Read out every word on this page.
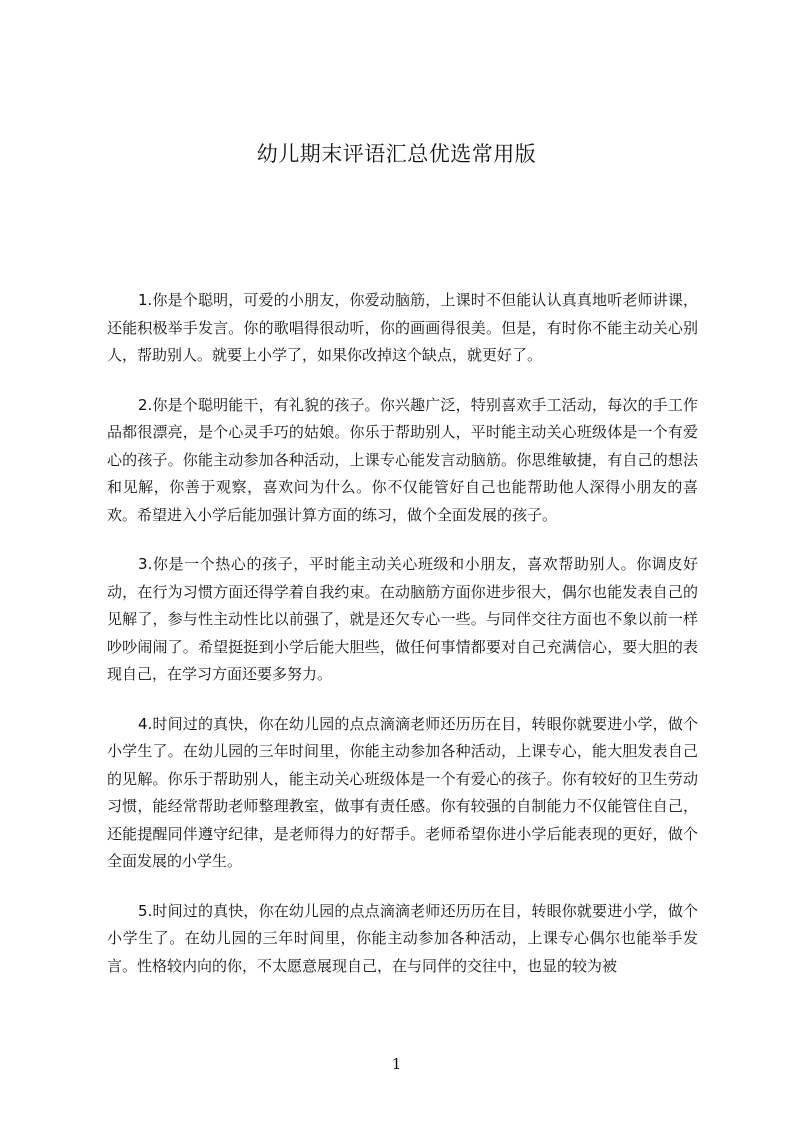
幼儿期末评语汇总优选常用版

1.你是个聪明，可爱的小朋友，你爱动脑筋，上课时不但能认认真真地听老师讲课，还能积极举手发言。你的歌唱得很动听，你的画画得很美。但是，有时你不能主动关心别人，帮助别人。就要上小学了，如果你改掉这个缺点，就更好了。

2.你是个聪明能干，有礼貌的孩子。你兴趣广泛，特别喜欢手工活动，每次的手工作品都很漂亮，是个心灵手巧的姑娘。你乐于帮助别人，平时能主动关心班级体是一个有爱心的孩子。你能主动参加各种活动，上课专心能发言动脑筋。你思维敏捷，有自己的想法和见解，你善于观察，喜欢问为什么。你不仅能管好自己也能帮助他人深得小朋友的喜欢。希望进入小学后能加强计算方面的练习，做个全面发展的孩子。

3.你是一个热心的孩子，平时能主动关心班级和小朋友，喜欢帮助别人。你调皮好动，在行为习惯方面还得学着自我约束。在动脑筋方面你进步很大，偶尔也能发表自己的见解了，参与性主动性比以前强了，就是还欠专心一些。与同伴交往方面也不象以前一样吵吵闹闹了。希望挺挺到小学后能大胆些，做任何事情都要对自己充满信心，要大胆的表现自己，在学习方面还要多努力。

4.时间过的真快，你在幼儿园的点点滴滴老师还历历在目，转眼你就要进小学，做个小学生了。在幼儿园的三年时间里，你能主动参加各种活动，上课专心，能大胆发表自己的见解。你乐于帮助别人，能主动关心班级体是一个有爱心的孩子。你有较好的卫生劳动习惯，能经常帮助老师整理教室，做事有责任感。你有较强的自制能力不仅能管住自己，还能提醒同伴遵守纪律，是老师得力的好帮手。老师希望你进小学后能表现的更好，做个全面发展的小学生。

5.时间过的真快，你在幼儿园的点点滴滴老师还历历在目，转眼你就要进小学，做个小学生了。在幼儿园的三年时间里，你能主动参加各种活动，上课专心偶尔也能举手发言。性格较内向的你，不太愿意展现自己，在与同伴的交往中，也显的较为被

1
